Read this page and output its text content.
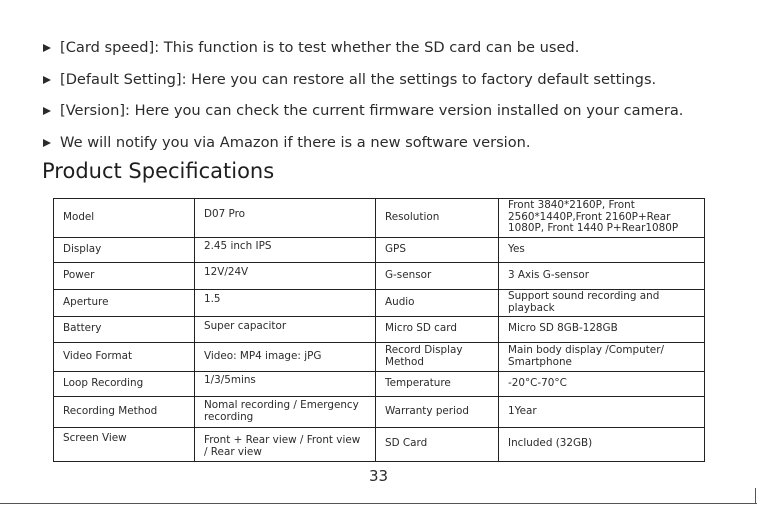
[Card speed]: This function is to test whether the SD card can be used.
[Default Setting]: Here you can restore all the settings to factory default settings.
[Version]: Here you can check the current firmware version installed on your camera.
We will notify you via Amazon if there is a new software version.
Product Specifications
Model	D07 Pro	Resolution	Front 3840*2160P, Front 2560*1440P,Front 2160P+Rear 1080P, Front 1440 P+Rear1080P
Display	2.45 inch IPS	GPS	Yes
Power	12V/24V	G-sensor	3 Axis G-sensor
Aperture	1.5	Audio	Support sound recording and playback
Battery	Super capacitor	Micro SD card	Micro SD 8GB-128GB
Video Format	Video: MP4 image: jPG	Record Display Method	Main body display /Computer/ Smartphone
Loop Recording	1/3/5mins	Temperature	-20°C-70°C
Recording Method	Nomal recording / Emergency recording	Warranty period	1Year
Screen View	Front + Rear view / Front view / Rear view	SD Card	Included (32GB)
33
